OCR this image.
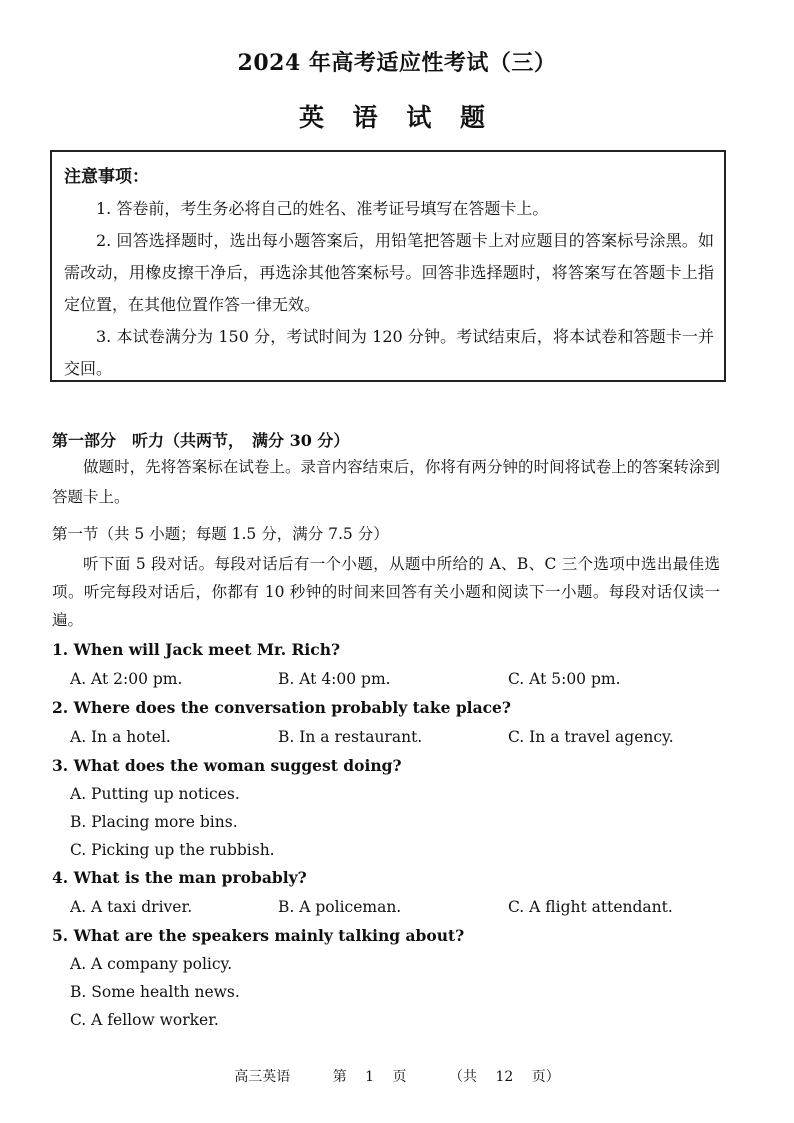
2024 年高考适应性考试（三）
英 语 试 题
注意事项：

1. 答卷前，考生务必将自己的姓名、准考证号填写在答题卡上。

2. 回答选择题时，选出每小题答案后，用铅笔把答题卡上对应题目的答案标号涂黑。如需改动，用橡皮擦干净后，再选涂其他答案标号。回答非选择题时，将答案写在答题卡上指定位置，在其他位置作答一律无效。

3. 本试卷满分为 150 分，考试时间为 120 分钟。考试结束后，将本试卷和答题卡一并交回。

第一部分　听力（共两节，　满分 30 分）

做题时，先将答案标在试卷上。录音内容结束后，你将有两分钟的时间将试卷上的答案转涂到答题卡上。

第一节（共 5 小题；每题 1.5 分，满分 7.5 分）

听下面 5 段对话。每段对话后有一个小题，从题中所给的 A、B、C 三个选项中选出最佳选项。听完每段对话后，你都有 10 秒钟的时间来回答有关小题和阅读下一小题。每段对话仅读一遍。

1. When will Jack meet Mr. Rich?
A. At 2:00 pm.	B. At 4:00 pm.	C. At 5:00 pm.
2. Where does the conversation probably take place?
A. In a hotel.	B. In a restaurant.	C. In a travel agency.
3. What does the woman suggest doing?
A. Putting up notices.
B. Placing more bins.
C. Picking up the rubbish.
4. What is the man probably?
A. A taxi driver.	B. A policeman.	C. A flight attendant.
5. What are the speakers mainly talking about?
A. A company policy.
B. Some health news.
C. A fellow worker.
高三英语	第 1 页	（共 12 页）
